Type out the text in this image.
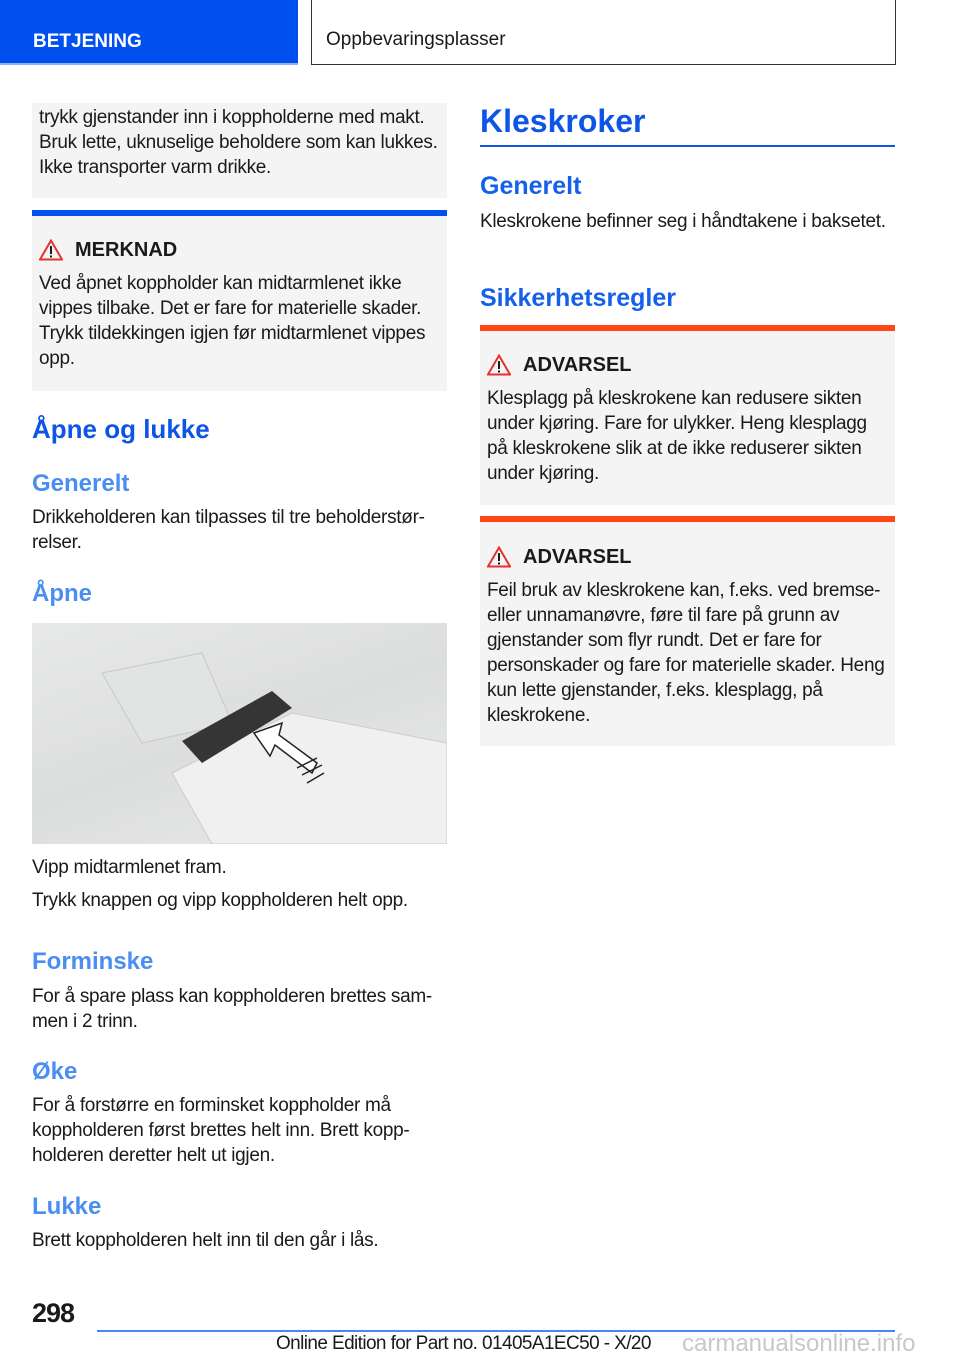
BETJENING	Oppbevaringsplasser
trykk gjenstander inn i koppholderne med makt. Bruk lette, uknuselige beholdere som kan lukkes. Ikke transporter varm drikke.
MERKNAD
Ved åpnet koppholder kan midtarmlenet ikke vippes tilbake. Det er fare for materielle skader. Trykk tildekkingen igjen før midtarmlenet vippes opp.
Åpne og lukke
Generelt
Drikkeholderen kan tilpasses til tre beholderstørrelser.
Åpne
Vipp midtarmlenet fram.
Trykk knappen og vipp koppholderen helt opp.
Forminske
For å spare plass kan koppholderen brettes sammen i 2 trinn.
Øke
For å forstørre en forminsket koppholder må koppholderen først brettes helt inn. Brett koppholderen deretter helt ut igjen.
Lukke
Brett koppholderen helt inn til den går i lås.
Kleskroker
Generelt
Kleskrokene befinner seg i håndtakene i baksetet.
Sikkerhetsregler
ADVARSEL
Klesplagg på kleskrokene kan redusere sikten under kjøring. Fare for ulykker. Heng klesplagg på kleskrokene slik at de ikke reduserer sikten under kjøring.
ADVARSEL
Feil bruk av kleskrokene kan, f.eks. ved bremse- eller unnamanøvre, føre til fare på grunn av gjenstander som flyr rundt. Det er fare for personskader og fare for materielle skader. Heng kun lette gjenstander, f.eks. klesplagg, på kleskrokene.
298
Online Edition for Part no. 01405A1EC50 - X/20 carmanualsonline.info
